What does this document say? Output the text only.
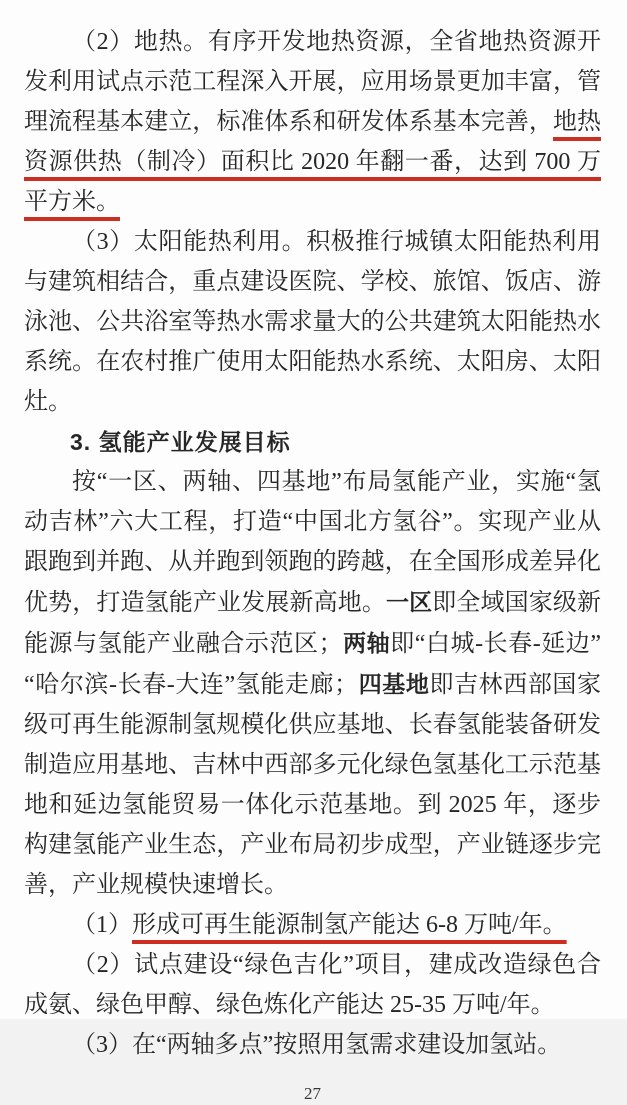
（2）地热。有序开发地热资源，全省地热资源开发利用试点示范工程深入开展，应用场景更加丰富，管理流程基本建立，标准体系和研发体系基本完善，地热资源供热（制冷）面积比 2020 年翻一番，达到 700 万平方米。

（3）太阳能热利用。积极推行城镇太阳能热利用与建筑相结合，重点建设医院、学校、旅馆、饭店、游泳池、公共浴室等热水需求量大的公共建筑太阳能热水系统。在农村推广使用太阳能热水系统、太阳房、太阳灶。

3. 氢能产业发展目标

按“一区、两轴、四基地”布局氢能产业，实施“氢动吉林”六大工程，打造“中国北方氢谷”。实现产业从跟跑到并跑、从并跑到领跑的跨越，在全国形成差异化优势，打造氢能产业发展新高地。一区即全域国家级新能源与氢能产业融合示范区；两轴即“白城-长春-延边”“哈尔滨-长春-大连”氢能走廊；四基地即吉林西部国家级可再生能源制氢规模化供应基地、长春氢能装备研发制造应用基地、吉林中西部多元化绿色氢基化工示范基地和延边氢能贸易一体化示范基地。到 2025 年，逐步构建氢能产业生态，产业布局初步成型，产业链逐步完善，产业规模快速增长。

（1）形成可再生能源制氢产能达 6-8 万吨/年。

（2）试点建设“绿色吉化”项目，建成改造绿色合成氨、绿色甲醇、绿色炼化产能达 25-35 万吨/年。

（3）在“两轴多点”按照用氢需求建设加氢站。

27
